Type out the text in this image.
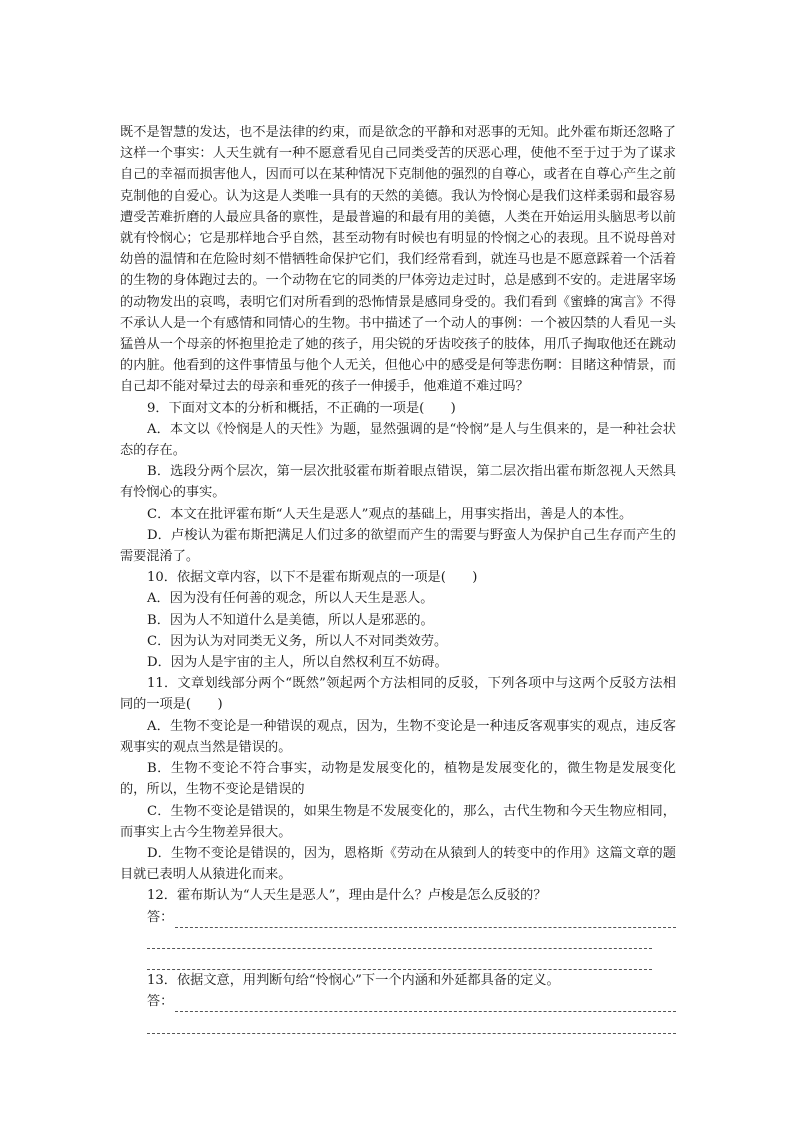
既不是智慧的发达，也不是法律的约束，而是欲念的平静和对恶事的无知。此外霍布斯还忽略了这样一个事实：人天生就有一种不愿意看见自己同类受苦的厌恶心理，使他不至于过于为了谋求自己的幸福而损害他人，因而可以在某种情况下克制他的强烈的自尊心，或者在自尊心产生之前克制他的自爱心。认为这是人类唯一具有的天然的美德。我认为怜悯心是我们这样柔弱和最容易遭受苦难折磨的人最应具备的禀性，是最普遍的和最有用的美德，人类在开始运用头脑思考以前就有怜悯心；它是那样地合乎自然，甚至动物有时候也有明显的怜悯之心的表现。且不说母兽对幼兽的温情和在危险时刻不惜牺牲命保护它们，我们经常看到，就连马也是不愿意踩着一个活着的生物的身体跑过去的。一个动物在它的同类的尸体旁边走过时，总是感到不安的。走进屠宰场的动物发出的哀鸣，表明它们对所看到的恐怖情景是感同身受的。我们看到《蜜蜂的寓言》不得不承认人是一个有感情和同情心的生物。书中描述了一个动人的事例：一个被囚禁的人看见一头猛兽从一个母亲的怀抱里抢走了她的孩子，用尖锐的牙齿咬孩子的肢体，用爪子掏取他还在跳动的内脏。他看到的这件事情虽与他个人无关，但他心中的感受是何等悲伤啊：目睹这种情景，而自己却不能对晕过去的母亲和垂死的孩子一伸援手，他难道不难过吗？

9．下面对文本的分析和概括，不正确的一项是(　　)

A．本文以《怜悯是人的天性》为题，显然强调的是“怜悯”是人与生俱来的，是一种社会状态的存在。

B．选段分两个层次，第一层次批驳霍布斯着眼点错误，第二层次指出霍布斯忽视人天然具有怜悯心的事实。

C．本文在批评霍布斯“人天生是恶人”观点的基础上，用事实指出，善是人的本性。

D．卢梭认为霍布斯把满足人们过多的欲望而产生的需要与野蛮人为保护自己生存而产生的需要混淆了。

10．依据文章内容，以下不是霍布斯观点的一项是(　　)

A．因为没有任何善的观念，所以人天生是恶人。

B．因为人不知道什么是美德，所以人是邪恶的。

C．因为认为对同类无义务，所以人不对同类效劳。

D．因为人是宇宙的主人，所以自然权利互不妨碍。

11．文章划线部分两个“既然”领起两个方法相同的反驳，下列各项中与这两个反驳方法相同的一项是(　　)

A．生物不变论是一种错误的观点，因为，生物不变论是一种违反客观事实的观点，违反客观事实的观点当然是错误的。

B．生物不变论不符合事实，动物是发展变化的，植物是发展变化的，微生物是发展变化的，所以，生物不变论是错误的

C．生物不变论是错误的，如果生物是不发展变化的，那么，古代生物和今天生物应相同，而事实上古今生物差异很大。

D．生物不变论是错误的，因为，恩格斯《劳动在从猿到人的转变中的作用》这篇文章的题目就已表明人从猿进化而来。

12．霍布斯认为“人天生是恶人”，理由是什么？卢梭是怎么反驳的？

答：

13．依据文意，用判断句给“怜悯心”下一个内涵和外延都具备的定义。

答：
